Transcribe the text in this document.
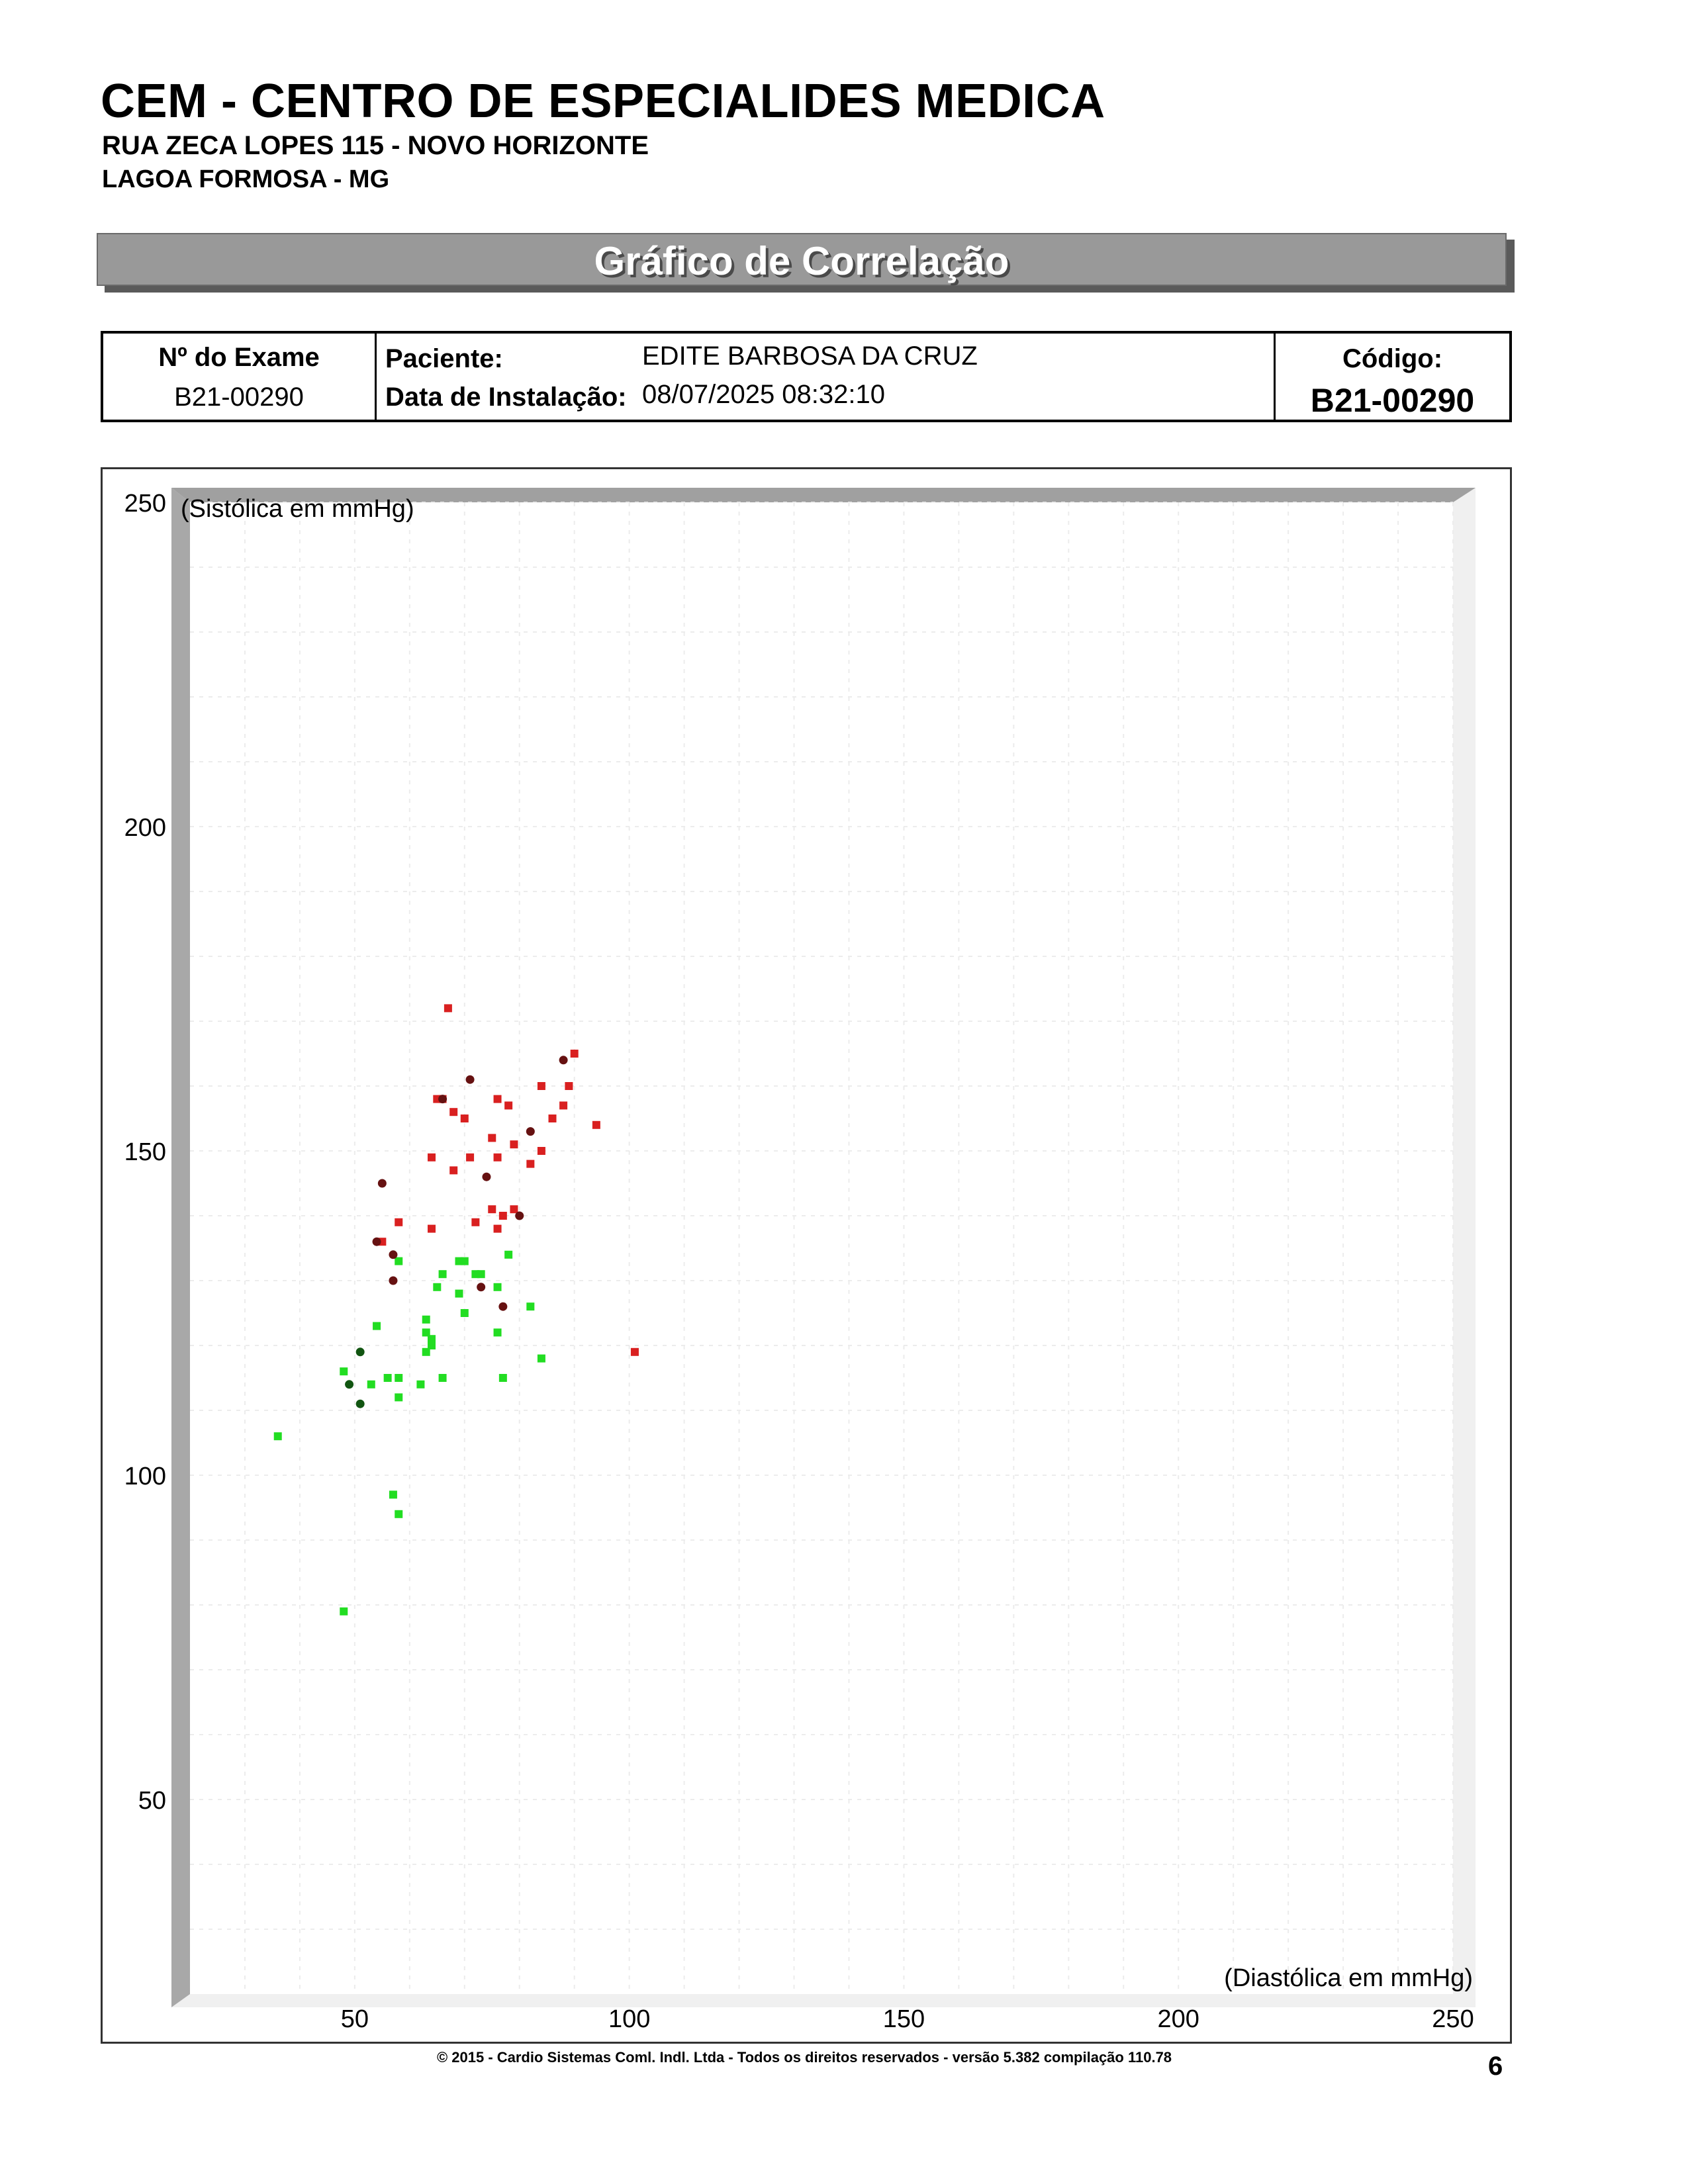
CEM - CENTRO DE ESPECIALIDES MEDICA
RUA ZECA LOPES 115 - NOVO HORIZONTE
LAGOA FORMOSA - MG
Gráfico de Correlação
Nº do Exame
B21-00290
Paciente:	EDITE BARBOSA DA CRUZ
Data de Instalação: 08/07/2025 08:32:10
Código:
B21-00290
50	100	150	200	250
50
100
150
200
250 (Sistólica em mmHg)
(Diastólica em mmHg)
© 2015 - Cardio Sistemas Coml. Indl. Ltda - Todos os direitos reservados - versão 5.382 compilação 110.78	6
